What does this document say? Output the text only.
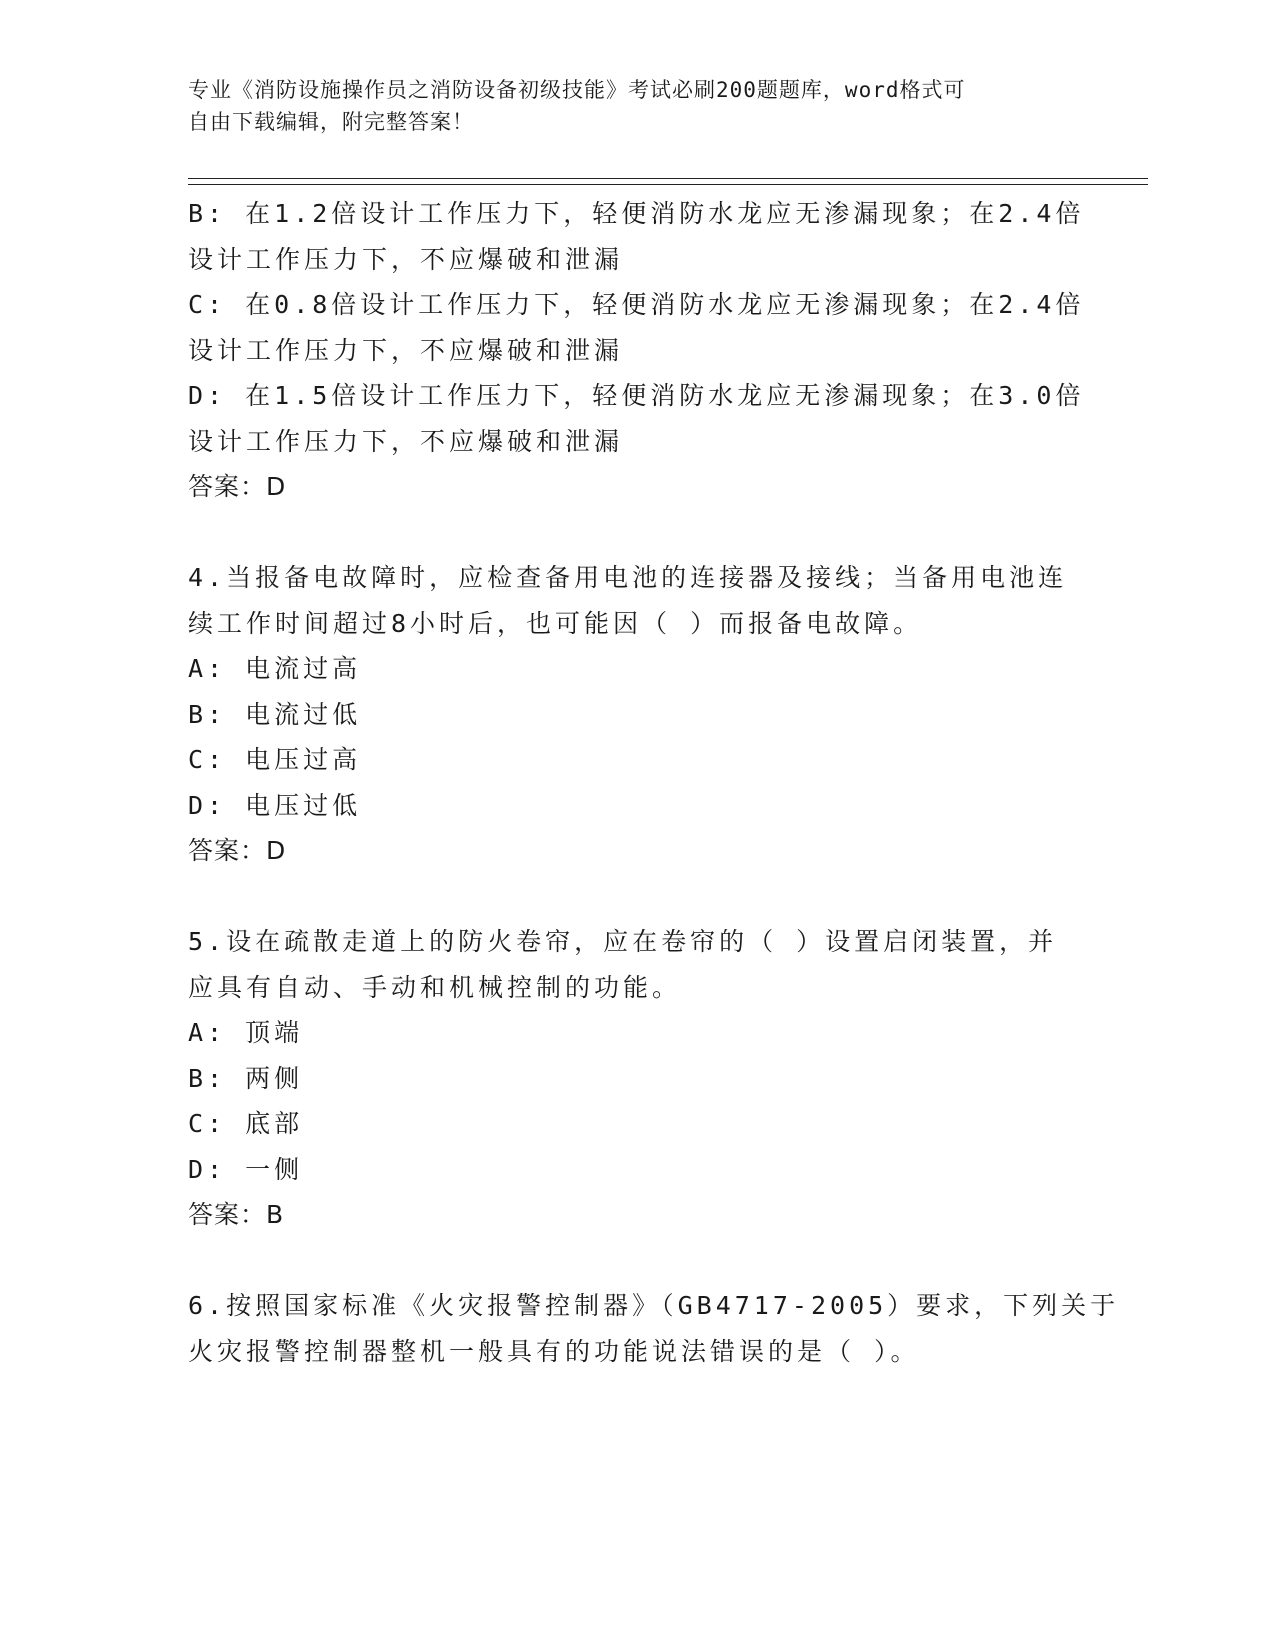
专业《消防设施操作员之消防设备初级技能》考试必刷200题题库，word格式可
自由下载编辑，附完整答案！
B: 在1.2倍设计工作压力下，轻便消防水龙应无渗漏现象；在2.4倍
设计工作压力下，不应爆破和泄漏
C: 在0.8倍设计工作压力下，轻便消防水龙应无渗漏现象；在2.4倍
设计工作压力下，不应爆破和泄漏
D: 在1.5倍设计工作压力下，轻便消防水龙应无渗漏现象；在3.0倍
设计工作压力下，不应爆破和泄漏
答案：D
4.当报备电故障时，应检查备用电池的连接器及接线；当备用电池连
续工作时间超过8小时后，也可能因（ ）而报备电故障。
A: 电流过高
B: 电流过低
C: 电压过高
D: 电压过低
答案：D
5.设在疏散走道上的防火卷帘，应在卷帘的（ ）设置启闭装置，并
应具有自动、手动和机械控制的功能。
A: 顶端
B: 两侧
C: 底部
D: 一侧
答案：B
6.按照国家标准《火灾报警控制器》（GB4717-2005）要求，下列关于
火灾报警控制器整机一般具有的功能说法错误的是（ ）。
